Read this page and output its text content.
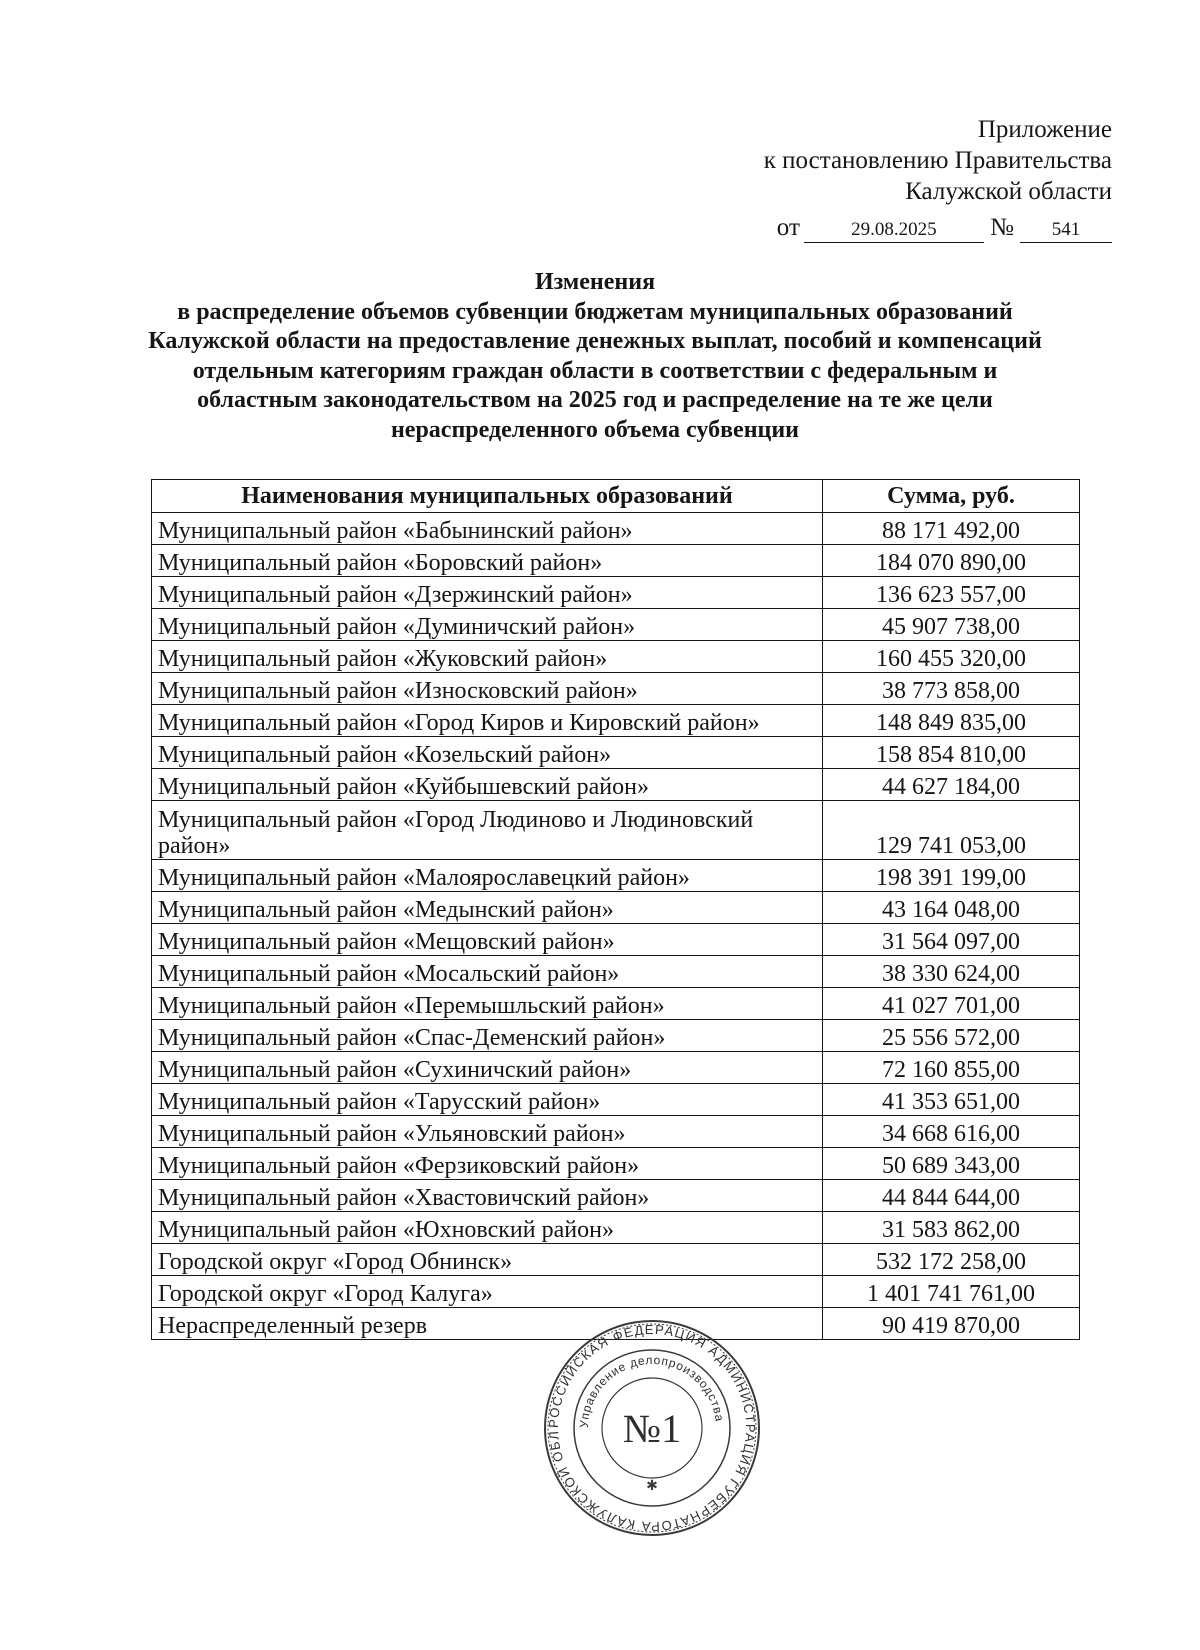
Приложение
к постановлению Правительства
Калужской области
от	29.08.2025 № 541
Изменения
в распределение объемов субвенции бюджетам муниципальных образований
Калужской области на предоставление денежных выплат, пособий и компенсаций
отдельным категориям граждан области в соответствии с федеральным и
областным законодательством на 2025 год и распределение на те же цели
нераспределенного объема субвенции
Наименования муниципальных образований	Сумма, руб.
Муниципальный район «Бабынинский район»	88 171 492,00
Муниципальный район «Боровский район»	184 070 890,00
Муниципальный район «Дзержинский район»	136 623 557,00
Муниципальный район «Думиничский район»	45 907 738,00
Муниципальный район «Жуковский район»	160 455 320,00
Муниципальный район «Износковский район»	38 773 858,00
Муниципальный район «Город Киров и Кировский район»	148 849 835,00
Муниципальный район «Козельский район»	158 854 810,00
Муниципальный район «Куйбышевский район»	44 627 184,00
Муниципальный район «Город Людиново и Людиновский район»	129 741 053,00
Муниципальный район «Малоярославецкий район»	198 391 199,00
Муниципальный район «Медынский район»	43 164 048,00
Муниципальный район «Мещовский район»	31 564 097,00
Муниципальный район «Мосальский район»	38 330 624,00
Муниципальный район «Перемышльский район»	41 027 701,00
Муниципальный район «Спас-Деменский район»	25 556 572,00
Муниципальный район «Сухиничский район»	72 160 855,00
Муниципальный район «Тарусский район»	41 353 651,00
Муниципальный район «Ульяновский район»	34 668 616,00
Муниципальный район «Ферзиковский район»	50 689 343,00
Муниципальный район «Хвастовичский район»	44 844 644,00
Муниципальный район «Юхновский район»	31 583 862,00
Городской округ «Город Обнинск»	532 172 258,00
Городской округ «Город Калуга»	1 401 741 761,00
Нераспределенный резерв	90 419 870,00
РОССИЙСКАЯ ФЕДЕРАЦИЯ АДМИНИСТРАЦИЯ ГУБЕРНАТОРА КАЛУЖСКОЙ ОБЛ
Управление делопроизводства
№1
✱
